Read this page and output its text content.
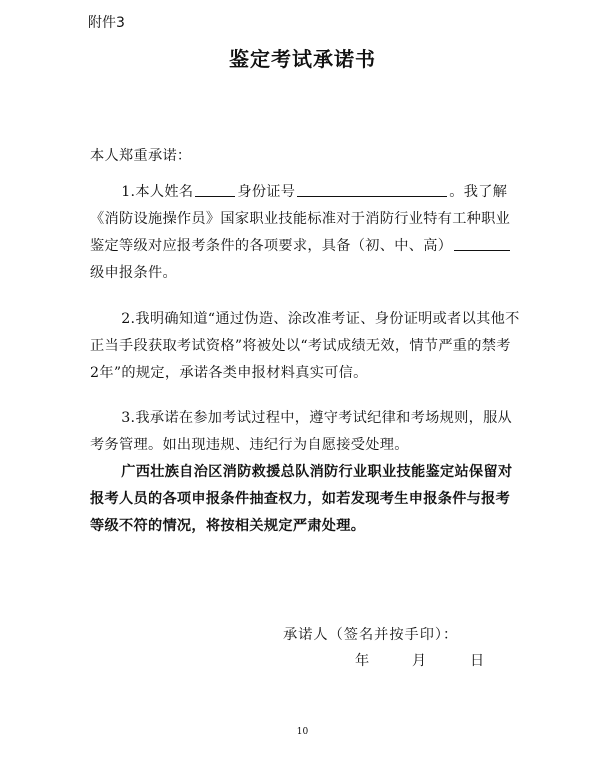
附件3
鉴定考试承诺书
本人郑重承诺：
1.本人姓名	身份证号	。我了解《消防设施操作员》国家职业技能标准对于消防行业特有工种职业鉴定等级对应报考条件的各项要求，具备（初、中、高）级申报条件。
2.我明确知道“通过伪造、涂改准考证、身份证明或者以其他不正当手段获取考试资格”将被处以“考试成绩无效，情节严重的禁考2年”的规定，承诺各类申报材料真实可信。
3.我承诺在参加考试过程中，遵守考试纪律和考场规则，服从考务管理。如出现违规、违纪行为自愿接受处理。
广西壮族自治区消防救援总队消防行业职业技能鉴定站保留对报考人员的各项申报条件抽查权力，如若发现考生申报条件与报考等级不符的情况，将按相关规定严肃处理。
承诺人（签名并按手印）：
年	月	日
10
